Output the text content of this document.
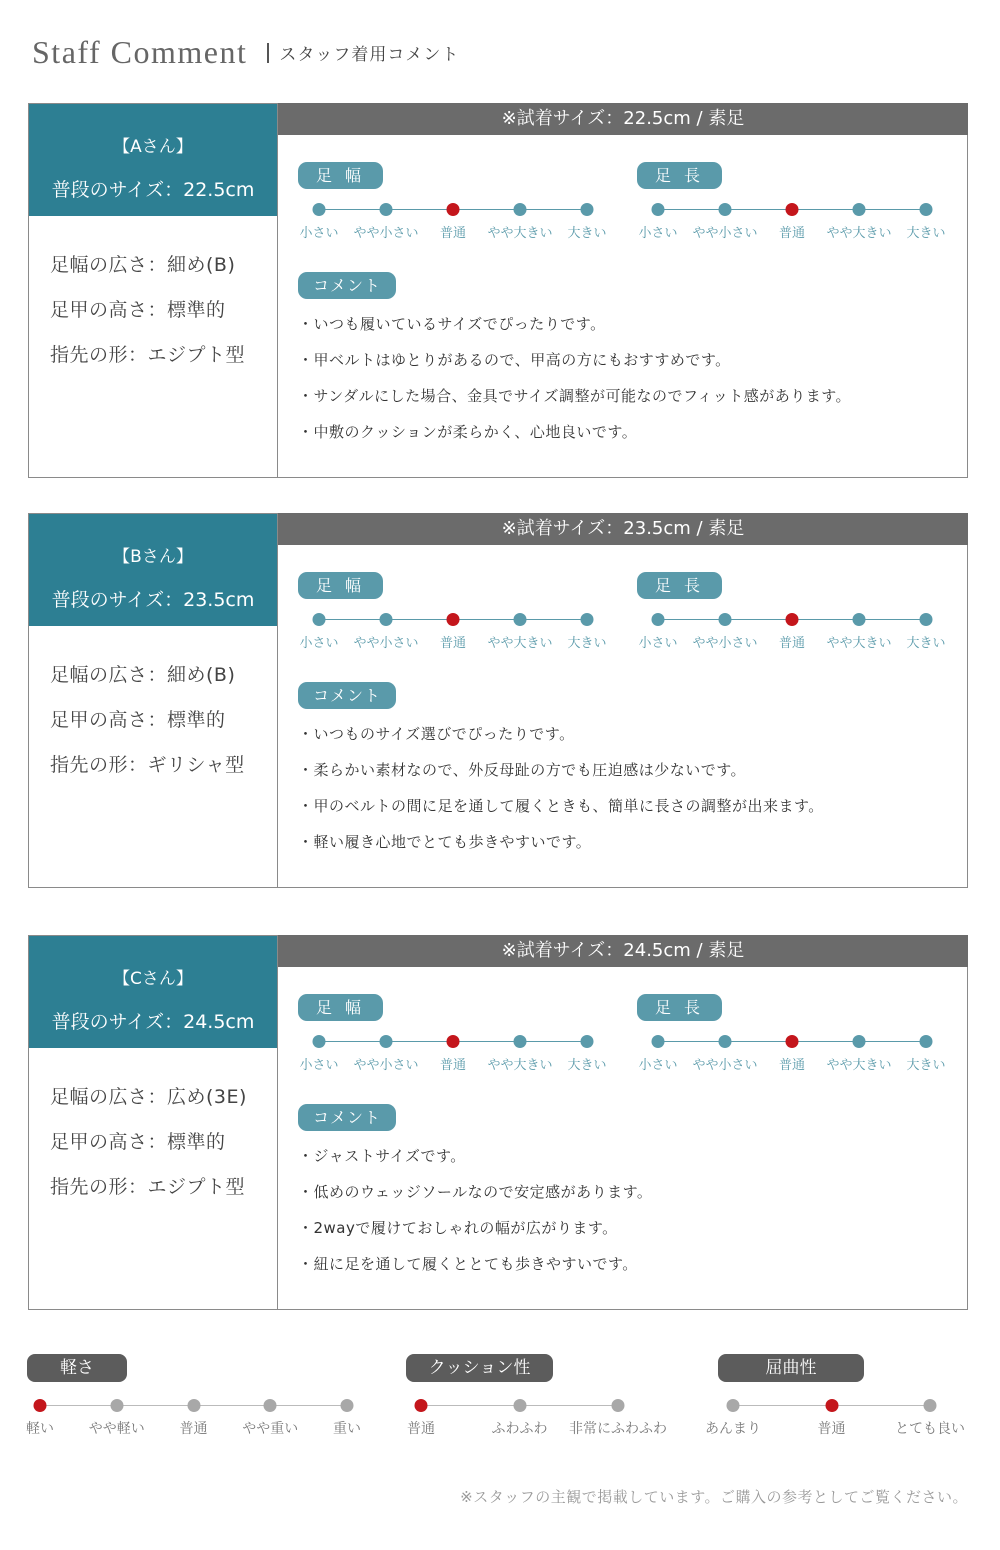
Staff Comment スタッフ着用コメント
【Aさん】
普段のサイズ：22.5cm
足幅の広さ：細め(B)
足甲の高さ：標準的
指先の形：エジプト型
※試着サイズ：22.5cm / 素足
足 幅	足 長
小さい やや小さい 普通 やや大きい 大きい 小さい やや小さい 普通 やや大きい 大きい
コメント
・いつも履いているサイズでぴったりです。
・甲ベルトはゆとりがあるので、甲高の方にもおすすめです。
・サンダルにした場合、金具でサイズ調整が可能なのでフィット感があります。
・中敷のクッションが柔らかく、心地良いです。
【Bさん】
普段のサイズ：23.5cm
足幅の広さ：細め(B)
足甲の高さ：標準的
指先の形：ギリシャ型
※試着サイズ：23.5cm / 素足
足 幅	足 長
小さい やや小さい 普通 やや大きい 大きい 小さい やや小さい 普通 やや大きい 大きい
コメント
・いつものサイズ選びでぴったりです。
・柔らかい素材なので、外反母趾の方でも圧迫感は少ないです。
・甲のベルトの間に足を通して履くときも、簡単に長さの調整が出来ます。
・軽い履き心地でとても歩きやすいです。
【Cさん】
普段のサイズ：24.5cm
足幅の広さ：広め(3E)
足甲の高さ：標準的
指先の形：エジプト型
※試着サイズ：24.5cm / 素足
足 幅	足 長
小さい やや小さい 普通 やや大きい 大きい 小さい やや小さい 普通 やや大きい 大きい
コメント
・ジャストサイズです。
・低めのウェッジソールなので安定感があります。
・2wayで履けておしゃれの幅が広がります。
・紐に足を通して履くととても歩きやすいです。
軽さ
軽い やや軽い 普通 やや重い 重い
クッション性
普通	ふわふわ 非常にふわふわ
屈曲性
あんまり	普通	とても良い
※スタッフの主観で掲載しています。ご購入の参考としてご覧ください。
